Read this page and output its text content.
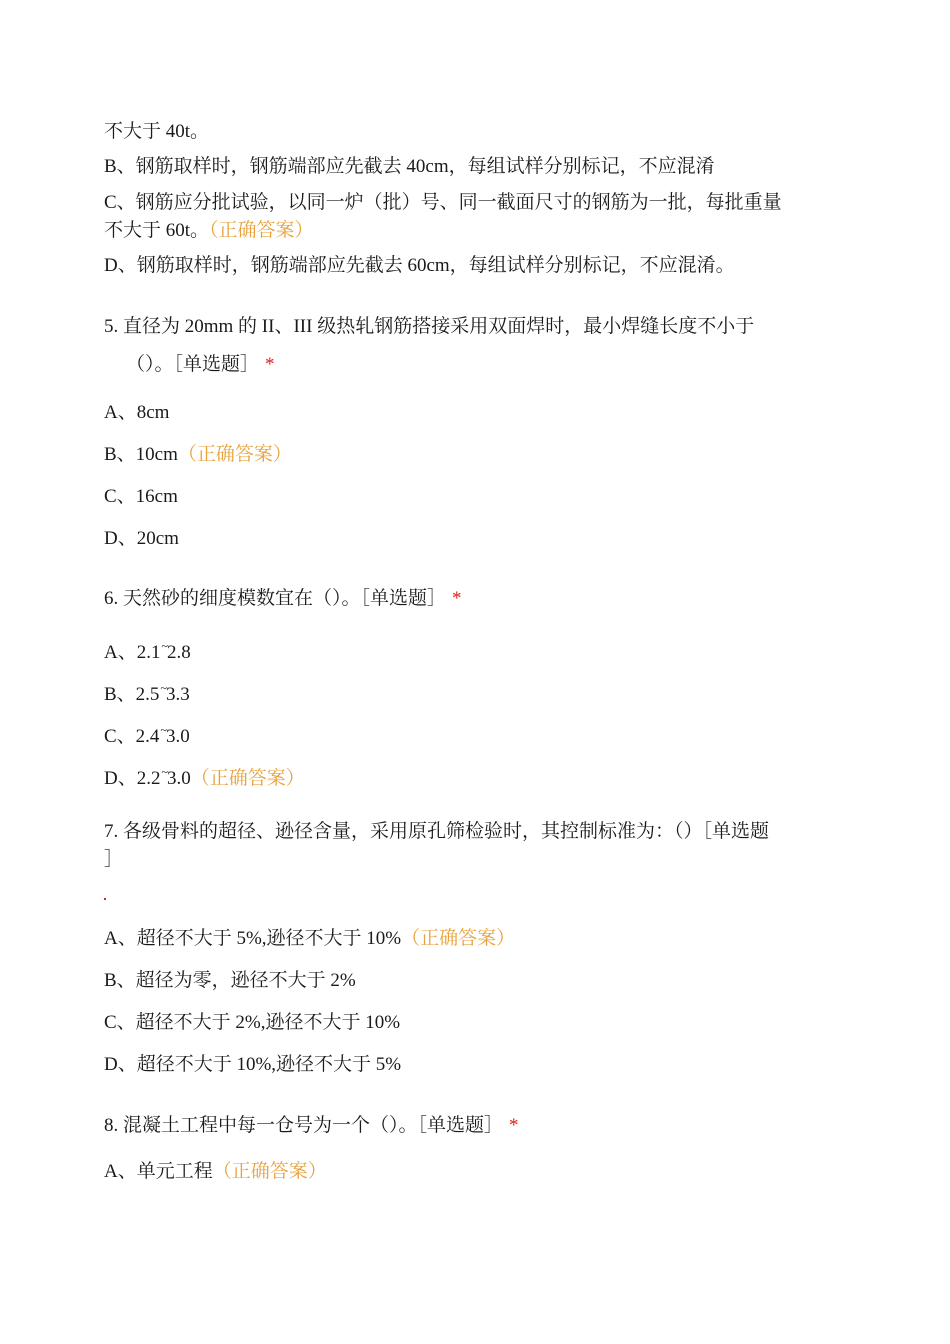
不大于 40t。
B、钢筋取样时，钢筋端部应先截去 40cm，每组试样分别标记，不应混淆
C、钢筋应分批试验，以同一炉（批）号、同一截面尺寸的钢筋为一批，每批重量
不大于 60t。（正确答案）
D、钢筋取样时，钢筋端部应先截去 60cm，每组试样分别标记，不应混淆。
5. 直径为 20mm 的 II、III 级热轧钢筋搭接采用双面焊时，最小焊缝长度不小于
（）。［单选题］ *
A、8cm
B、10cm（正确答案）
C、16cm
D、20cm
6. 天然砂的细度模数宜在（）。［单选题］ *
A、2.1~2.8
B、2.5~3.3
C、2.4~3.0
D、2.2~3.0（正确答案）
7. 各级骨料的超径、逊径含量，采用原孔筛检验时，其控制标准为：（）［单选题
］
A、超径不大于 5%,逊径不大于 10%（正确答案）
B、超径为零，逊径不大于 2%
C、超径不大于 2%,逊径不大于 10%
D、超径不大于 10%,逊径不大于 5%
8. 混凝土工程中每一仓号为一个（）。［单选题］ *
A、单元工程（正确答案）
